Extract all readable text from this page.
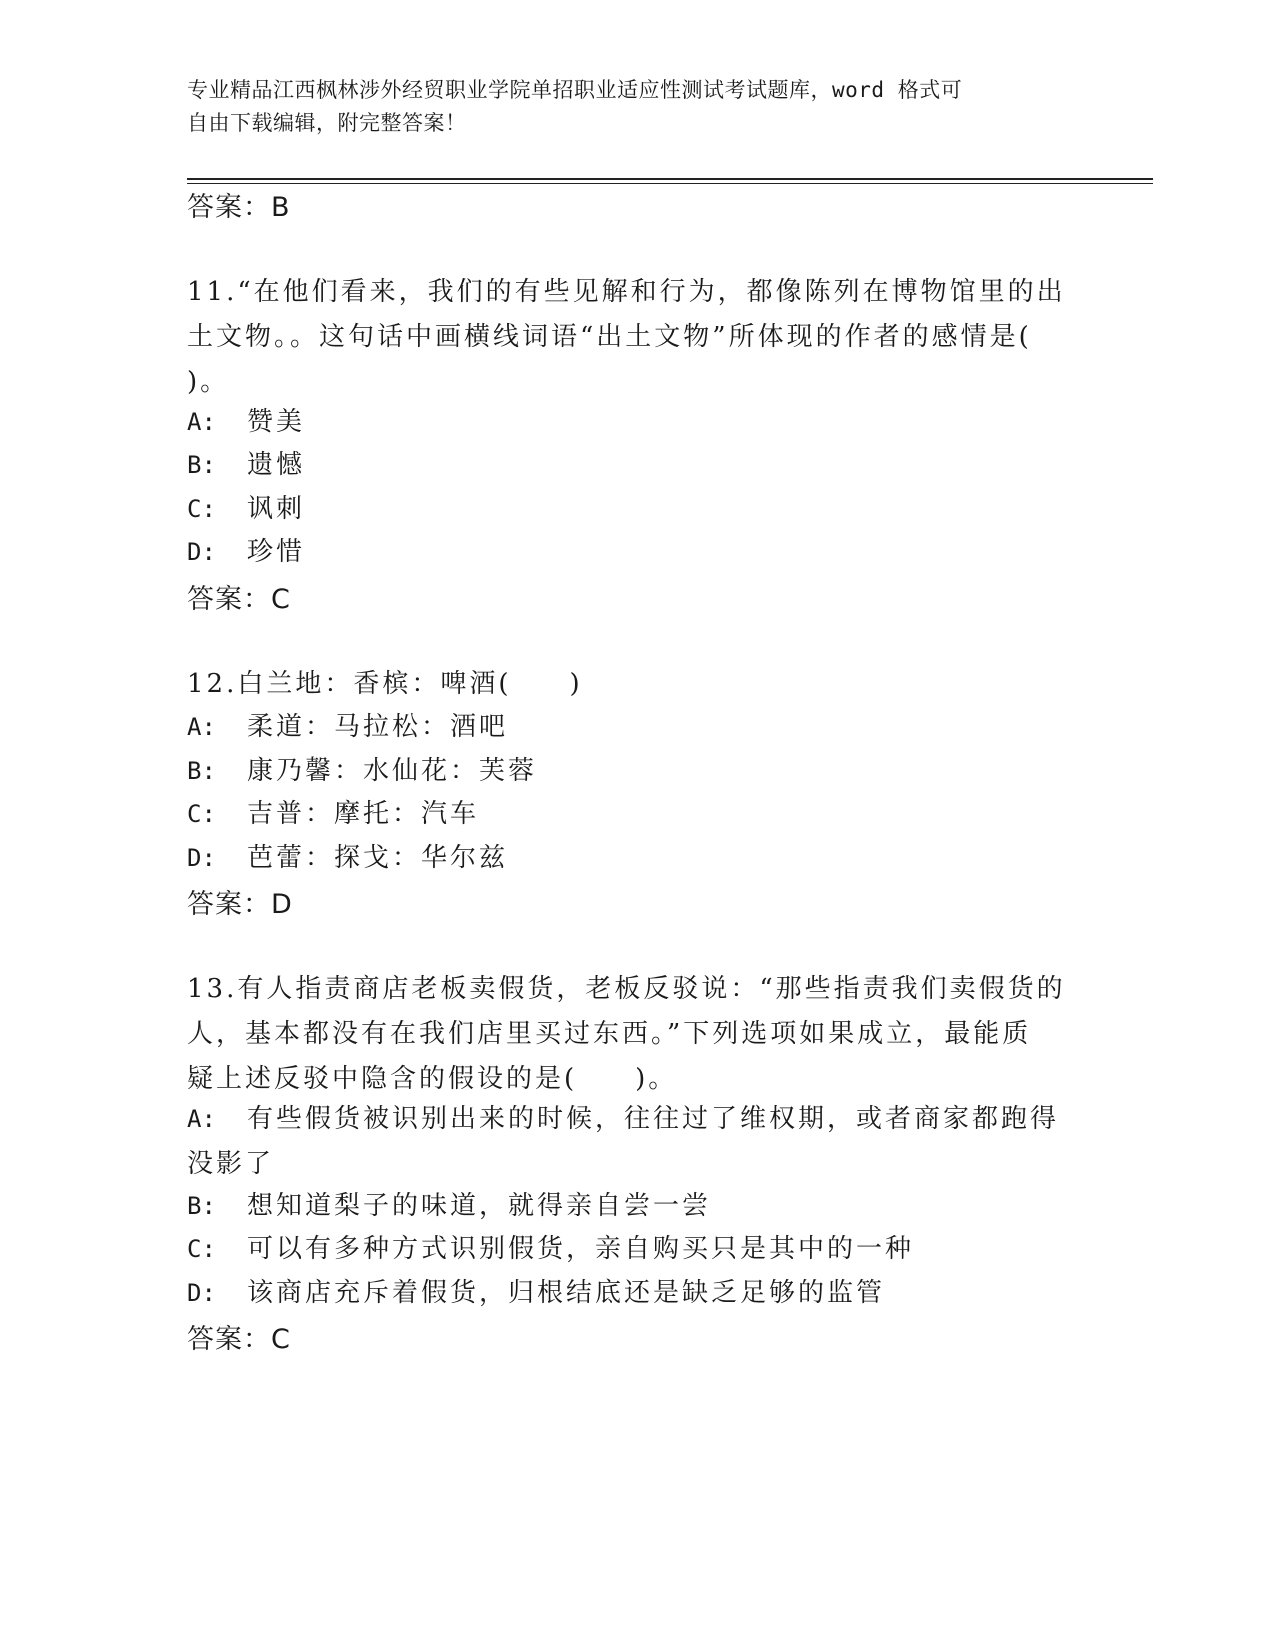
专业精品江西枫林涉外经贸职业学院单招职业适应性测试考试题库，word 格式可
自由下载编辑，附完整答案！
答案：B
11.“在他们看来，我们的有些见解和行为，都像陈列在博物馆里的出
土文物。。这句话中画横线词语“出土文物”所体现的作者的感情是(
)。
A: 赞美
B: 遗憾
C: 讽刺
D: 珍惜
答案：C
12.白兰地：香槟：啤酒(　　)
A: 柔道：马拉松：酒吧
B: 康乃馨：水仙花：芙蓉
C: 吉普：摩托：汽车
D: 芭蕾：探戈：华尔兹
答案：D
13.有人指责商店老板卖假货，老板反驳说：“那些指责我们卖假货的
人，基本都没有在我们店里买过东西。”下列选项如果成立，最能质
疑上述反驳中隐含的假设的是(　　)。
A: 有些假货被识别出来的时候，往往过了维权期，或者商家都跑得
没影了
B: 想知道梨子的味道，就得亲自尝一尝
C: 可以有多种方式识别假货，亲自购买只是其中的一种
D: 该商店充斥着假货，归根结底还是缺乏足够的监管
答案：C
